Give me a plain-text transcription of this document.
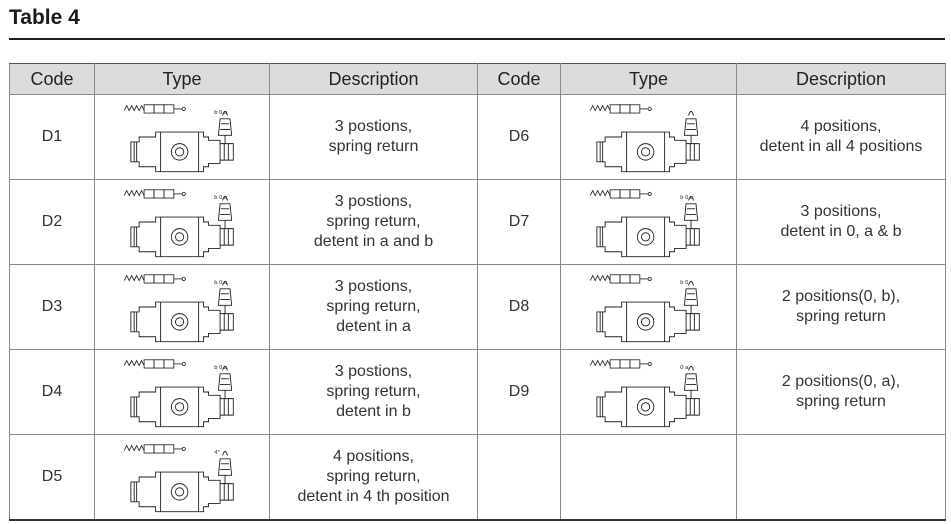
Table 4
Code	Type	Description	Code	Type	Description
D1	b 0 a	3 postions,
spring return	D6		4 positions,
detent in all 4 positions

D2	b 0 a	3 postions,
spring return,
detent in a and b	D7	b 0 a	3 positions,
detent in 0, a & b

D3	b 0 a	3 postions,
spring return,
detent in a	D8	b 0	2 positions(0, b),
spring return

D4	b 0 a	3 postions,
spring return,
detent in b	D9	0 a	2 positions(0, a),
spring return

D5	4°	4 positions,
spring return,
detent in 4 th position			
